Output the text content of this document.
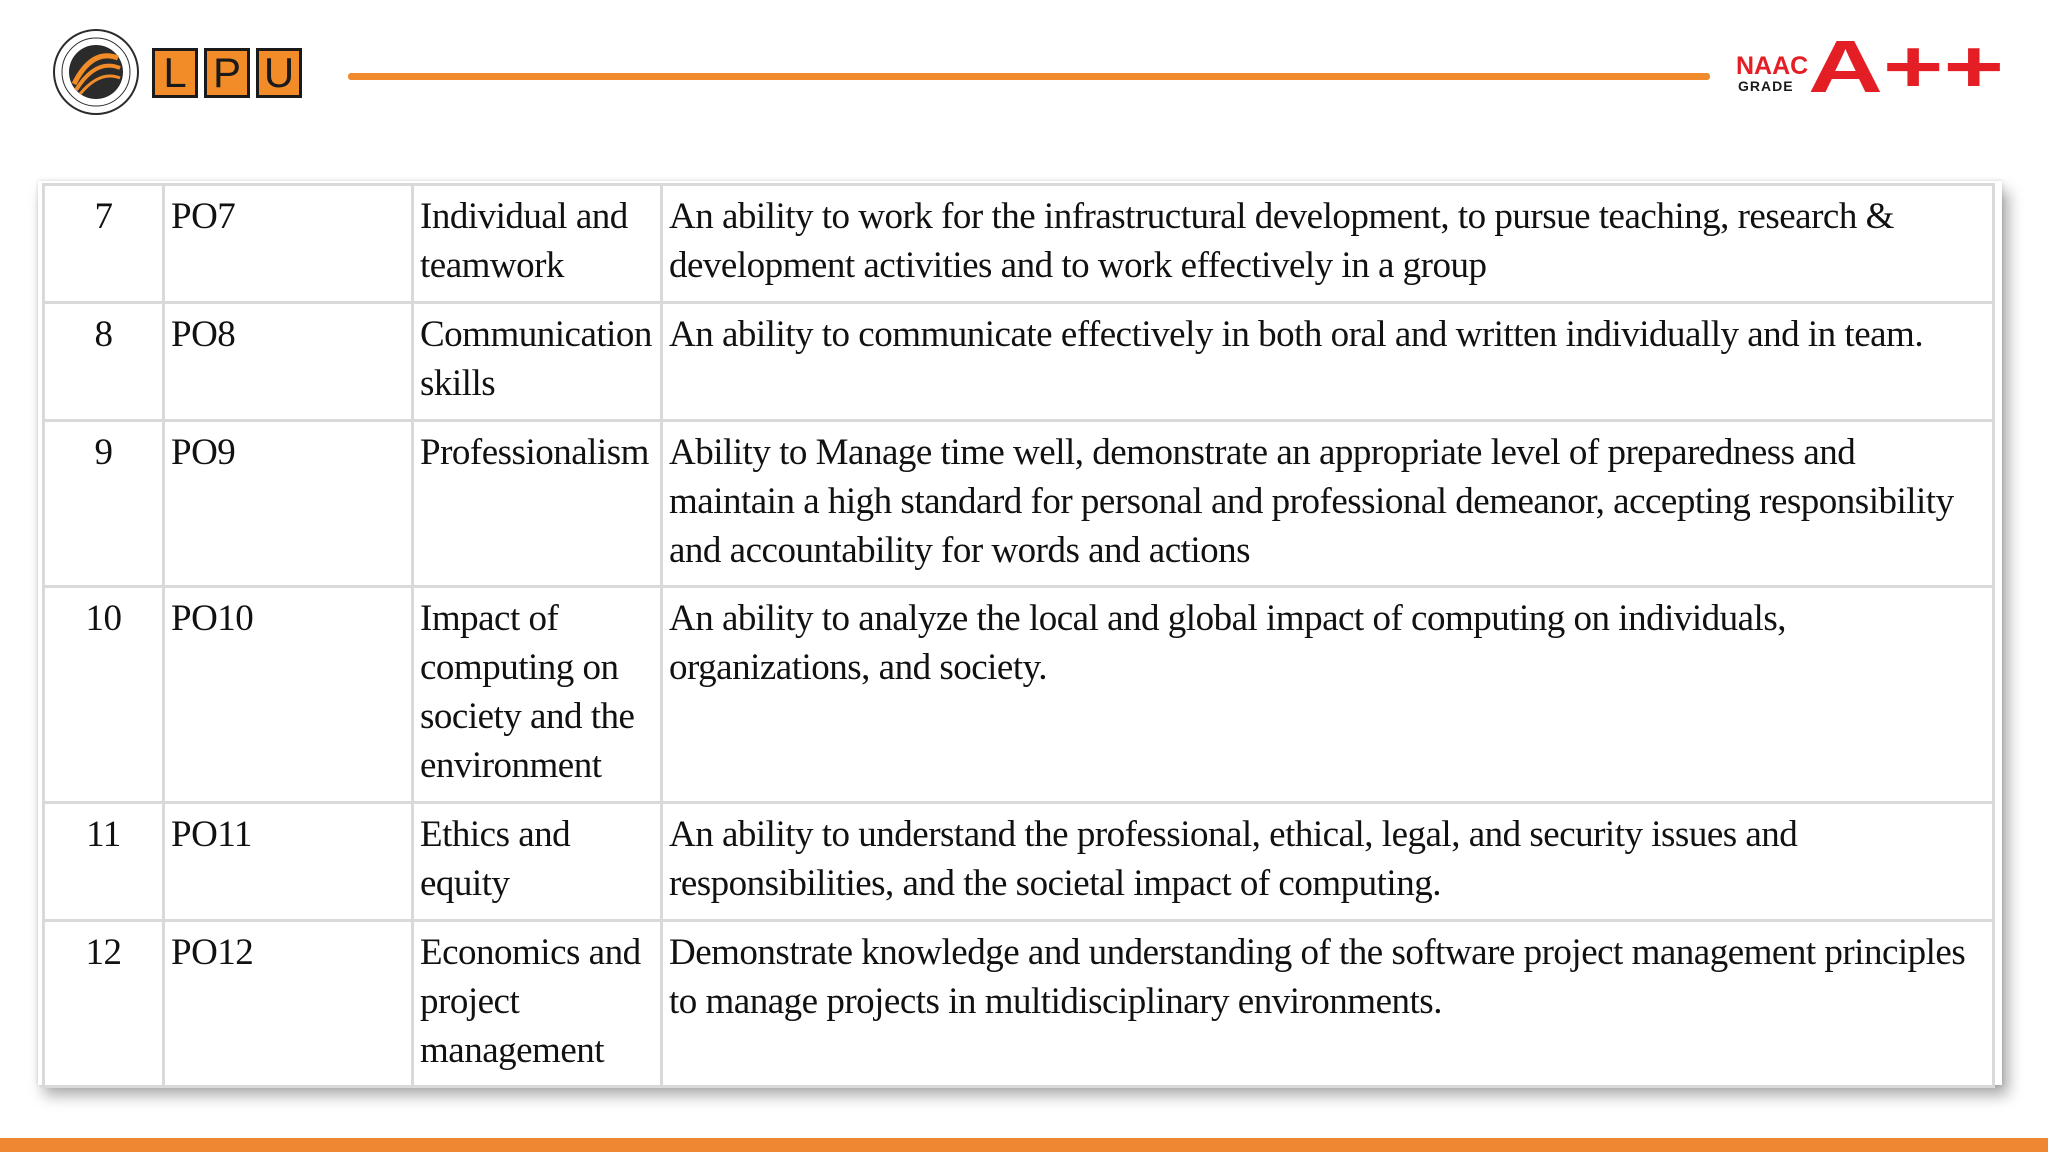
L P U	NAAC
GRADE A++
7	PO7	Individual and teamwork	An ability to work for the infrastructural development, to pursue teaching, research & development activities and to work effectively in a group
8	PO8	Communication skills	An ability to communicate effectively in both oral and written individually and in team.
9	PO9	Professionalism	Ability to Manage time well, demonstrate an appropriate level of preparedness and maintain a high standard for personal and professional demeanor, accepting responsibility and accountability for words and actions
10	PO10	Impact of computing on society and the environment	An ability to analyze the local and global impact of computing on individuals, organizations, and society.
11	PO11	Ethics and equity	An ability to understand the professional, ethical, legal, and security issues and responsibilities, and the societal impact of computing.
12	PO12	Economics and project management	Demonstrate knowledge and understanding of the software project management principles to manage projects in multidisciplinary environments.
